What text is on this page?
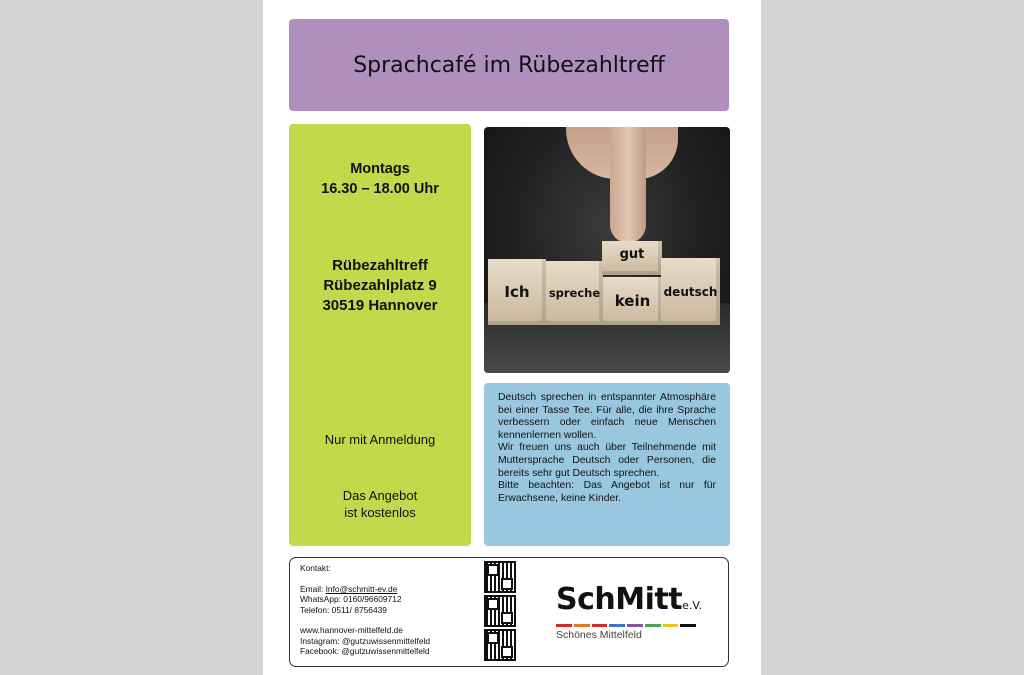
Sprachcafé im Rübezahltreff
Montags
16.30 – 18.00 Uhr
Rübezahltreff
Rübezahlplatz 9
30519 Hannover
Nur mit Anmeldung
Das Angebot
ist kostenlos
Ich	spreche
gut
kein
deutsch

Deutsch sprechen in entspannter Atmosphäre bei einer Tasse Tee. Für alle, die ihre Sprache verbessern oder einfach neue Menschen kennenlernen wollen.

Wir freuen uns auch über Teilnehmende mit Muttersprache Deutsch oder Personen, die bereits sehr gut Deutsch sprechen.

Bitte beachten: Das Angebot ist nur für Erwachsene, keine Kinder.

Kontakt:
Email: Info@schmitt-ev.de
WhatsApp: 0160/96609712
Telefon: 0511/ 8756439
www.hannover-mittelfeld.de
Instagram: @gutzuwissenmittelfeld
Facebook: @gutzuwissenmittelfeld
SchMitte.V.
Schönes Mittelfeld
